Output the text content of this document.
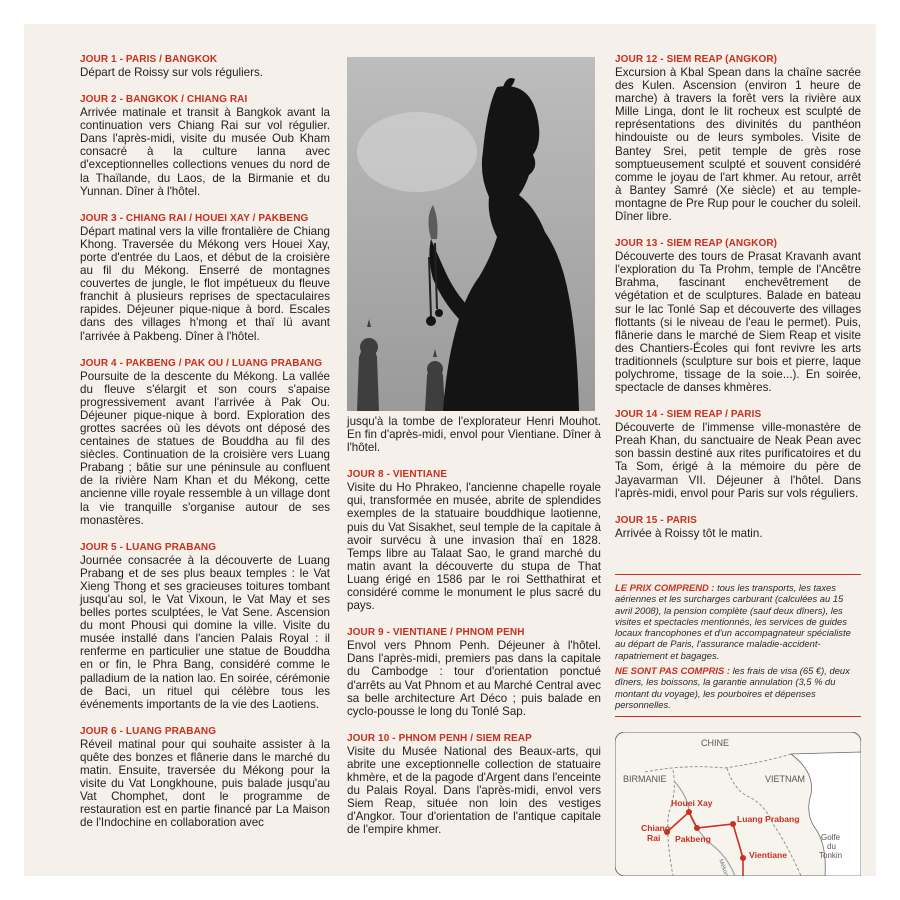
JOUR 1 - PARIS / BANGKOK

Départ de Roissy sur vols réguliers.

JOUR 2 - BANGKOK / CHIANG RAI

Arrivée matinale et transit à Bangkok avant la continuation vers Chiang Rai sur vol régulier. Dans l'après-midi, visite du musée Oub Kham consacré à la culture lanna avec d'exceptionnelles collections venues du nord de la Thaïlande, du Laos, de la Birmanie et du Yunnan. Dîner à l'hôtel.

JOUR 3 - CHIANG RAI / HOUEI XAY / PAKBENG

Départ matinal vers la ville frontalière de Chiang Khong. Traversée du Mékong vers Houei Xay, porte d'entrée du Laos, et début de la croisière au fil du Mékong. Enserré de montagnes couvertes de jungle, le flot impétueux du fleuve franchit à plusieurs reprises de spectaculaires rapides. Déjeuner pique-nique à bord. Escales dans des villages h'mong et thaï lü avant l'arrivée à Pakbeng. Dîner à l'hôtel.

JOUR 4 - PAKBENG / PAK OU / LUANG PRABANG

Poursuite de la descente du Mékong. La vallée du fleuve s'élargit et son cours s'apaise progressivement avant l'arrivée à Pak Ou. Déjeuner pique-nique à bord. Exploration des grottes sacrées où les dévots ont déposé des centaines de statues de Bouddha au fil des siècles. Continuation de la croisière vers Luang Prabang ; bâtie sur une péninsule au confluent de la rivière Nam Khan et du Mékong, cette ancienne ville royale ressemble à un village dont la vie tranquille s'organise autour de ses monastères.

JOUR 5 - LUANG PRABANG

Journée consacrée à la découverte de Luang Prabang et de ses plus beaux temples : le Vat Xieng Thong et ses gracieuses toitures tombant jusqu'au sol, le Vat Vixoun, le Vat May et ses belles portes sculptées, le Vat Sene. Ascension du mont Phousi qui domine la ville. Visite du musée installé dans l'ancien Palais Royal : il renferme en particulier une statue de Bouddha en or fin, le Phra Bang, considéré comme le palladium de la nation lao. En soirée, cérémonie de Baci, un rituel qui célèbre tous les événements importants de la vie des Laotiens.

JOUR 6 - LUANG PRABANG

Réveil matinal pour qui souhaite assister à la quête des bonzes et flânerie dans le marché du matin. Ensuite, traversée du Mékong pour la visite du Vat Longkhoune, puis balade jusqu'au Vat Chomphet, dont le programme de restauration est en partie financé par La Maison de l'Indochine en collaboration avec

Jean-Christian Cornu

jusqu'à la tombe de l'explorateur Henri Mouhot. En fin d'après-midi, envol pour Vientiane. Dîner à l'hôtel.

JOUR 8 - VIENTIANE

Visite du Ho Phrakeo, l'ancienne chapelle royale qui, transformée en musée, abrite de splendides exemples de la statuaire bouddhique laotienne, puis du Vat Sisakhet, seul temple de la capitale à avoir survécu à une invasion thaï en 1828. Temps libre au Talaat Sao, le grand marché du matin avant la découverte du stupa de That Luang érigé en 1586 par le roi Setthathirat et considéré comme le monument le plus sacré du pays.

JOUR 9 - VIENTIANE / PHNOM PENH

Envol vers Phnom Penh. Déjeuner à l'hôtel. Dans l'après-midi, premiers pas dans la capitale du Cambodge : tour d'orientation ponctué d'arrêts au Vat Phnom et au Marché Central avec sa belle architecture Art Déco ; puis balade en cyclo-pousse le long du Tonlé Sap.

JOUR 10 - PHNOM PENH / SIEM REAP

Visite du Musée National des Beaux-arts, qui abrite une exceptionnelle collection de statuaire khmère, et de la pagode d'Argent dans l'enceinte du Palais Royal. Dans l'après-midi, envol vers Siem Reap, située non loin des vestiges d'Angkor. Tour d'orientation de l'antique capitale de l'empire khmer.

JOUR 12 - SIEM REAP (ANGKOR)

Excursion à Kbal Spean dans la chaîne sacrée des Kulen. Ascension (environ 1 heure de marche) à travers la forêt vers la rivière aux Mille Linga, dont le lit rocheux est sculpté de représentations des divinités du panthéon hindouiste ou de leurs symboles. Visite de Bantey Srei, petit temple de grès rose somptueusement sculpté et souvent considéré comme le joyau de l'art khmer. Au retour, arrêt à Bantey Samré (Xe siècle) et au temple-montagne de Pre Rup pour le coucher du soleil. Dîner libre.

JOUR 13 - SIEM REAP (ANGKOR)

Découverte des tours de Prasat Kravanh avant l'exploration du Ta Prohm, temple de l'Ancêtre Brahma, fascinant enchevêtrement de végétation et de sculptures. Balade en bateau sur le lac Tonlé Sap et découverte des villages flottants (si le niveau de l'eau le permet). Puis, flânerie dans le marché de Siem Reap et visite des Chantiers-Écoles qui font revivre les arts traditionnels (sculpture sur bois et pierre, laque polychrome, tissage de la soie...). En soirée, spectacle de danses khmères.

JOUR 14 - SIEM REAP / PARIS

Découverte de l'immense ville-monastère de Preah Khan, du sanctuaire de Neak Pean avec son bassin destiné aux rites purificatoires et du Ta Som, érigé à la mémoire du père de Jayavarman VII. Déjeuner à l'hôtel. Dans l'après-midi, envol pour Paris sur vols réguliers.

JOUR 15 - PARIS

Arrivée à Roissy tôt le matin.

LE PRIX COMPREND : tous les transports, les taxes aériennes et les surcharges carburant (calculées au 15 avril 2008), la pension complète (sauf deux dîners), les visites et spectacles mentionnés, les services de guides locaux francophones et d'un accompagnateur spécialiste au départ de Paris, l'assurance maladie-accident-rapatriement et bagages.

NE SONT PAS COMPRIS : les frais de visa (65 €), deux dîners, les boissons, la garantie annulation (3,5 % du montant du voyage), les pourboires et dépenses personnelles.

CHINE
BIRMANIE	VIETNAM
Golfe
du
Tonkin
Houei Xay
Chiang
Rai Pakbeng
Luang Prabang
Vientiane
Mékong
